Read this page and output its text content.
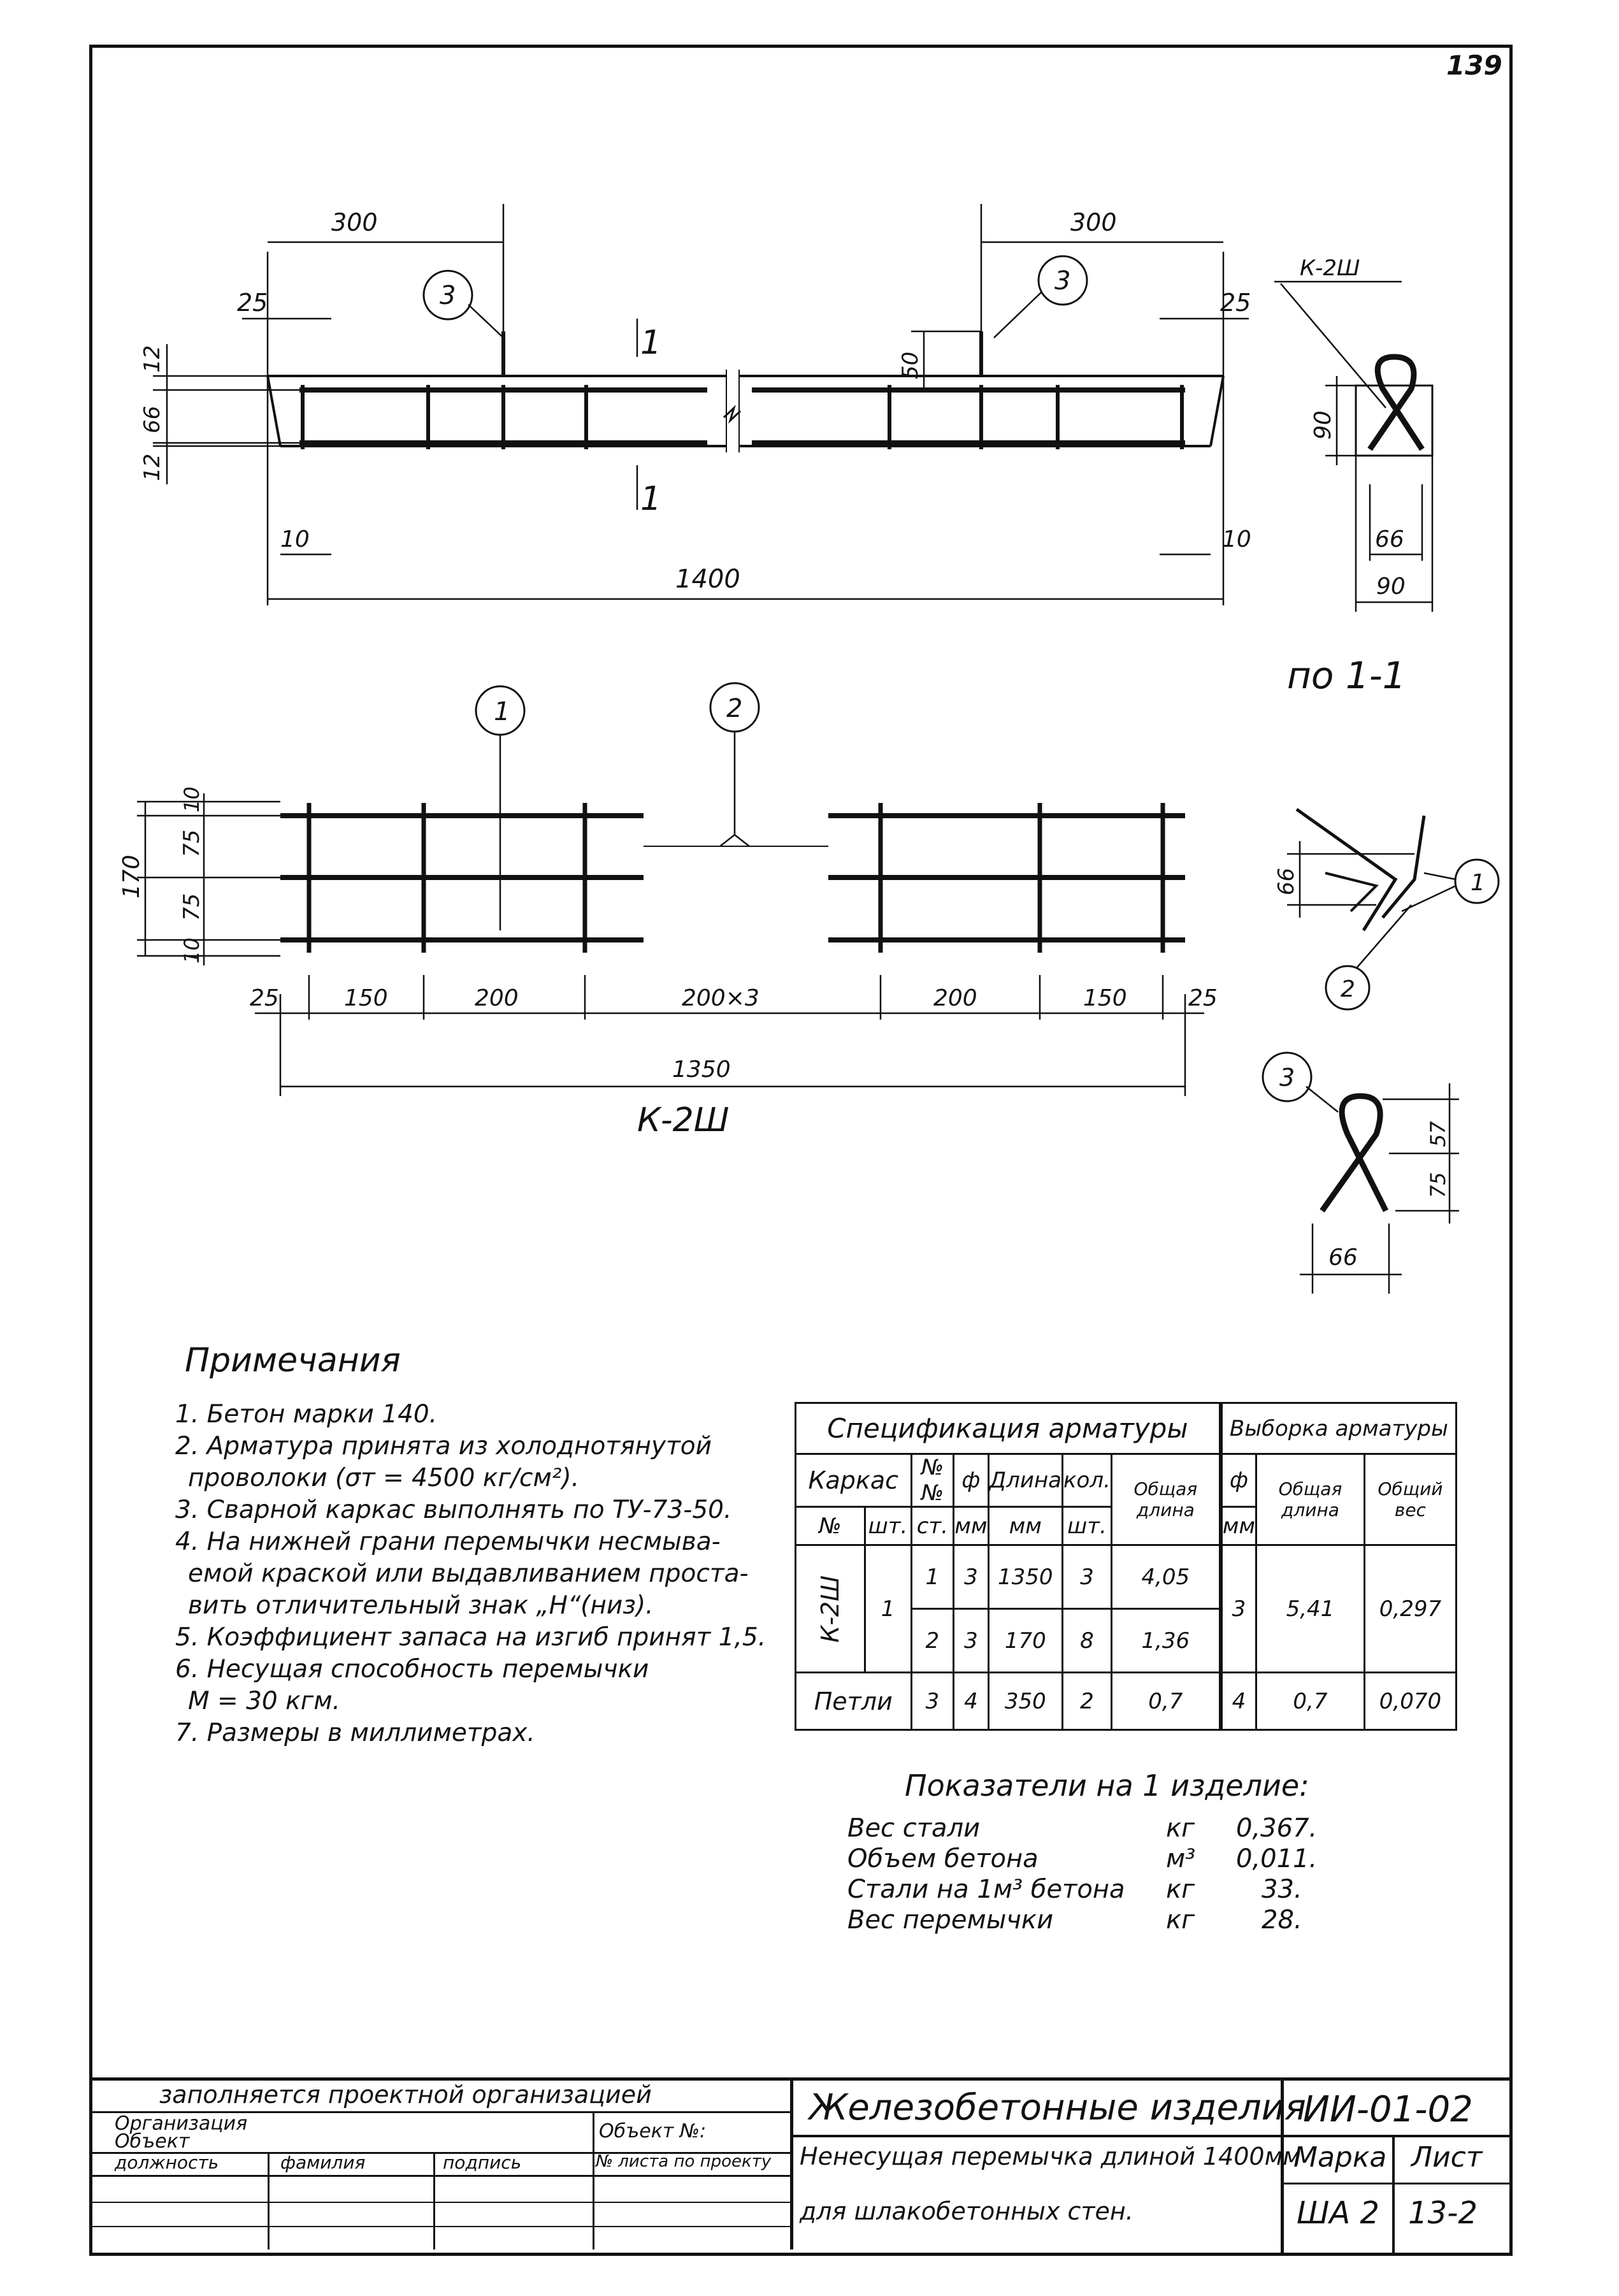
139
300	300
25	25
12
66
12
10	10
50
1400
1
1
3	3	К-2Ш
90
66
90
по 1-1
1	2
10
75
75
10
170
25	150	200	200×3	200	150	25
1350
К-2Ш
66	1
2
3
57
75
66
Примечания
1. Бетон марки 140.
2. Арматура принята из холоднотянутой
проволоки (σт = 4500 кг/см²).
3. Сварной каркас выполнять по ТУ-73-50.
4. На нижней грани перемычки несмыва-
емой краской или выдавливанием проста-
вить отличительный знак „Н“(низ).
5. Коэффициент запаса на изгиб принят 1,5.
6. Несущая способность перемычки
М = 30 кгм.
7. Размеры в миллиметрах.
Спецификация арматуры							Выборка арматуры		
Каркас		№№	ф	Длина	кол.	Общая длина	ф	Общая длина	Общий вес
№	шт.	ст.	мм	мм	шт.		мм		

К-2Ш	1	1	3	1350	3	4,05	3	5,41	0,297
		2	3	170	8	1,36			
Петли		3	4	350	2	0,7	4	0,7	0,070
Показатели на 1 изделие:
Вес стали	кг	0,367.
Объем бетона	м³	0,011.
Стали на 1м³ бетона	кг	33.
Вес перемычки	кг	28.
заполняется проектной организацией
Организация
Объект	Объект №:
должность	фамилия	подпись	№ листа по проекту
Железобетонные изделия
ИИ-01-02
Ненесущая перемычка длиной 1400мм
для шлакобетонных стен.
Марка Лист
ША 2 13-2
